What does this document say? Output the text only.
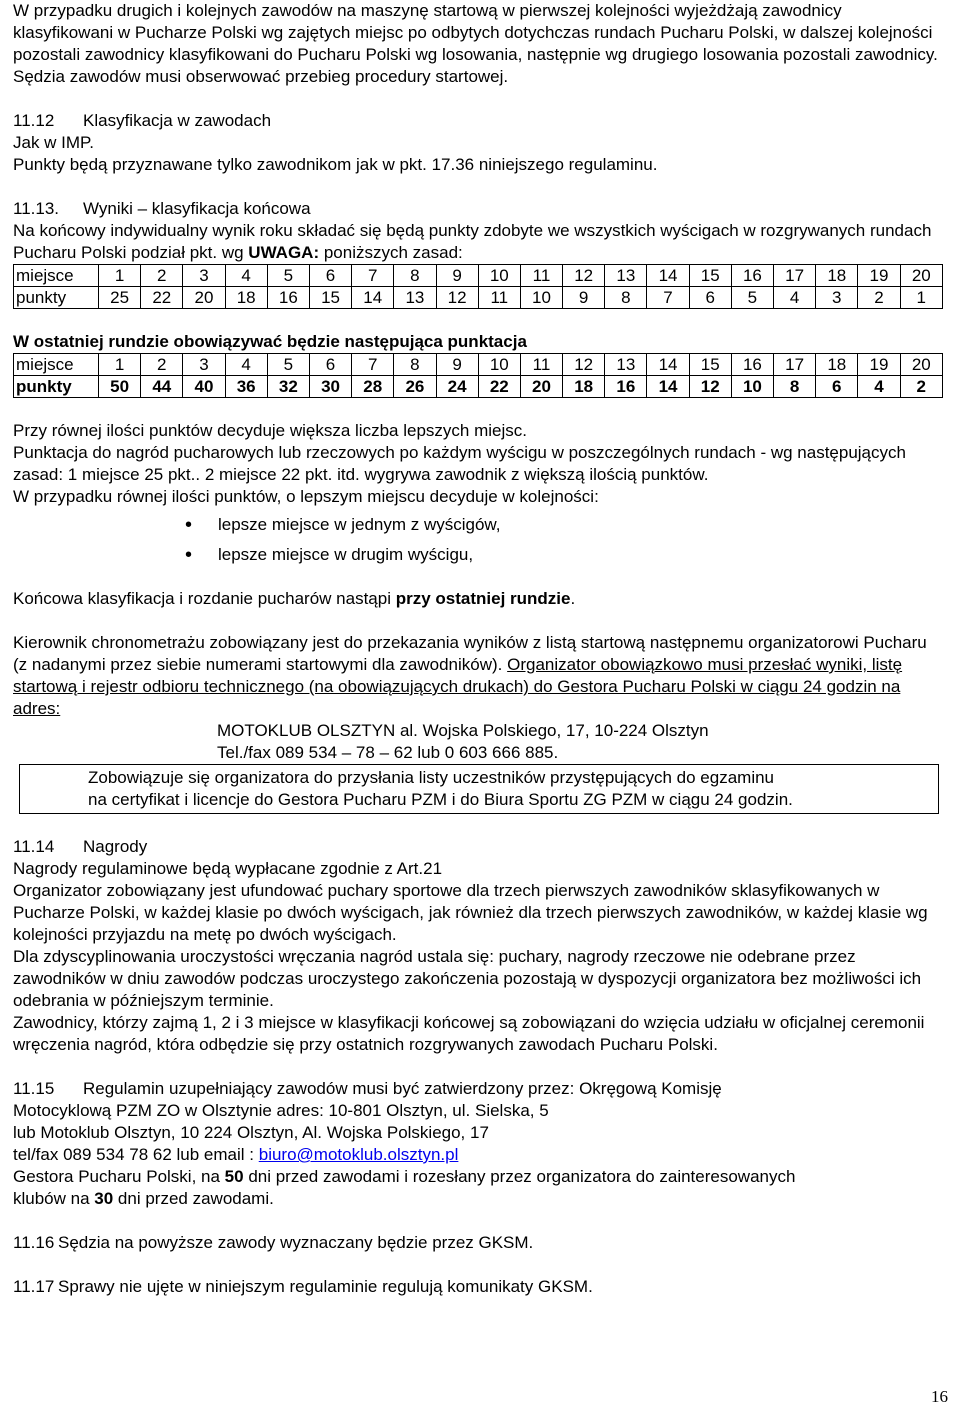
W przypadku drugich i kolejnych zawodów na maszynę startową w pierwszej kolejności wyjeżdżają zawodnicy klasyfikowani w Pucharze Polski wg zajętych miejsc po odbytych dotychczas rundach Pucharu Polski, w dalszej kolejności pozostali zawodnicy klasyfikowani do Pucharu Polski wg losowania, następnie wg drugiego losowania pozostali zawodnicy.

Sędzia zawodów musi obserwować przebieg procedury startowej.

11.12 Klasyfikacja w zawodach

Jak w IMP.

Punkty będą przyznawane tylko zawodnikom jak w pkt. 17.36 niniejszego regulaminu.

11.13. Wyniki – klasyfikacja końcowa

Na końcowy indywidualny wynik roku składać się będą punkty zdobyte we wszystkich wyścigach w rozgrywanych rundach Pucharu Polski podział pkt. wg UWAGA: poniższych zasad:

miejsce	1	2	3	4	5	6	7	8	9	10	11	12	13	14	15	16	17	18	19	20
punkty	25	22	20	18	16	15	14	13	12	11	10	9	8	7	6	5	4	3	2	1

W ostatniej rundzie obowiązywać będzie następująca punktacja

miejsce	1	2	3	4	5	6	7	8	9	10	11	12	13	14	15	16	17	18	19	20
punkty	50	44	40	36	32	30	28	26	24	22	20	18	16	14	12	10	8	6	4	2

Przy równej ilości punktów decyduje większa liczba lepszych miejsc.

Punktacja do nagród pucharowych lub rzeczowych po każdym wyścigu w poszczególnych rundach - wg następujących zasad: 1 miejsce 25 pkt.. 2 miejsce 22 pkt. itd. wygrywa zawodnik z większą ilością punktów.

W przypadku równej ilości punktów, o lepszym miejscu decyduje w kolejności:

• lepsze miejsce w jednym z wyścigów,
• lepsze miejsce w drugim wyścigu,

Końcowa klasyfikacja i rozdanie pucharów nastąpi przy ostatniej rundzie.

Kierownik chronometrażu zobowiązany jest do przekazania wyników z listą startową następnemu organizatorowi Pucharu (z nadanymi przez siebie numerami startowymi dla zawodników). Organizator obowiązkowo musi przesłać wyniki, listę startową i rejestr odbioru technicznego (na obowiązujących drukach) do Gestora Pucharu Polski w ciągu 24 godzin na adres:

MOTOKLUB OLSZTYN al. Wojska Polskiego, 17, 10-224 Olsztyn

Tel./fax 089 534 – 78 – 62 lub 0 603 666 885.

Zobowiązuje się organizatora do przysłania listy uczestników przystępujących do egzaminu

na certyfikat i licencje do Gestora Pucharu PZM i do Biura Sportu ZG PZM w ciągu 24 godzin.

11.14 Nagrody

Nagrody regulaminowe będą wypłacane zgodnie z Art.21

Organizator zobowiązany jest ufundować puchary sportowe dla trzech pierwszych zawodników sklasyfikowanych w Pucharze Polski, w każdej klasie po dwóch wyścigach, jak również dla trzech pierwszych zawodników, w każdej klasie wg kolejności przyjazdu na metę po dwóch wyścigach.

Dla zdyscyplinowania uroczystości wręczania nagród ustala się: puchary, nagrody rzeczowe nie odebrane przez zawodników w dniu zawodów podczas uroczystego zakończenia pozostają w dyspozycji organizatora bez możliwości ich odebrania w późniejszym terminie.

Zawodnicy, którzy zajmą 1, 2 i 3 miejsce w klasyfikacji końcowej są zobowiązani do wzięcia udziału w oficjalnej ceremonii wręczenia nagród, która odbędzie się przy ostatnich rozgrywanych zawodach Pucharu Polski.

11.15 Regulamin uzupełniający zawodów musi być zatwierdzony przez: Okręgową Komisję

Motocyklową PZM ZO w Olsztynie adres: 10-801 Olsztyn, ul. Sielska, 5

lub Motoklub Olsztyn, 10 224 Olsztyn, Al. Wojska Polskiego, 17

tel/fax 089 534 78 62 lub email : biuro@motoklub.olsztyn.pl

Gestora Pucharu Polski, na 50 dni przed zawodami i rozesłany przez organizatora do zainteresowanych

klubów na 30 dni przed zawodami.

11.16 Sędzia na powyższe zawody wyznaczany będzie przez GKSM.

11.17 Sprawy nie ujęte w niniejszym regulaminie regulują komunikaty GKSM.

16
